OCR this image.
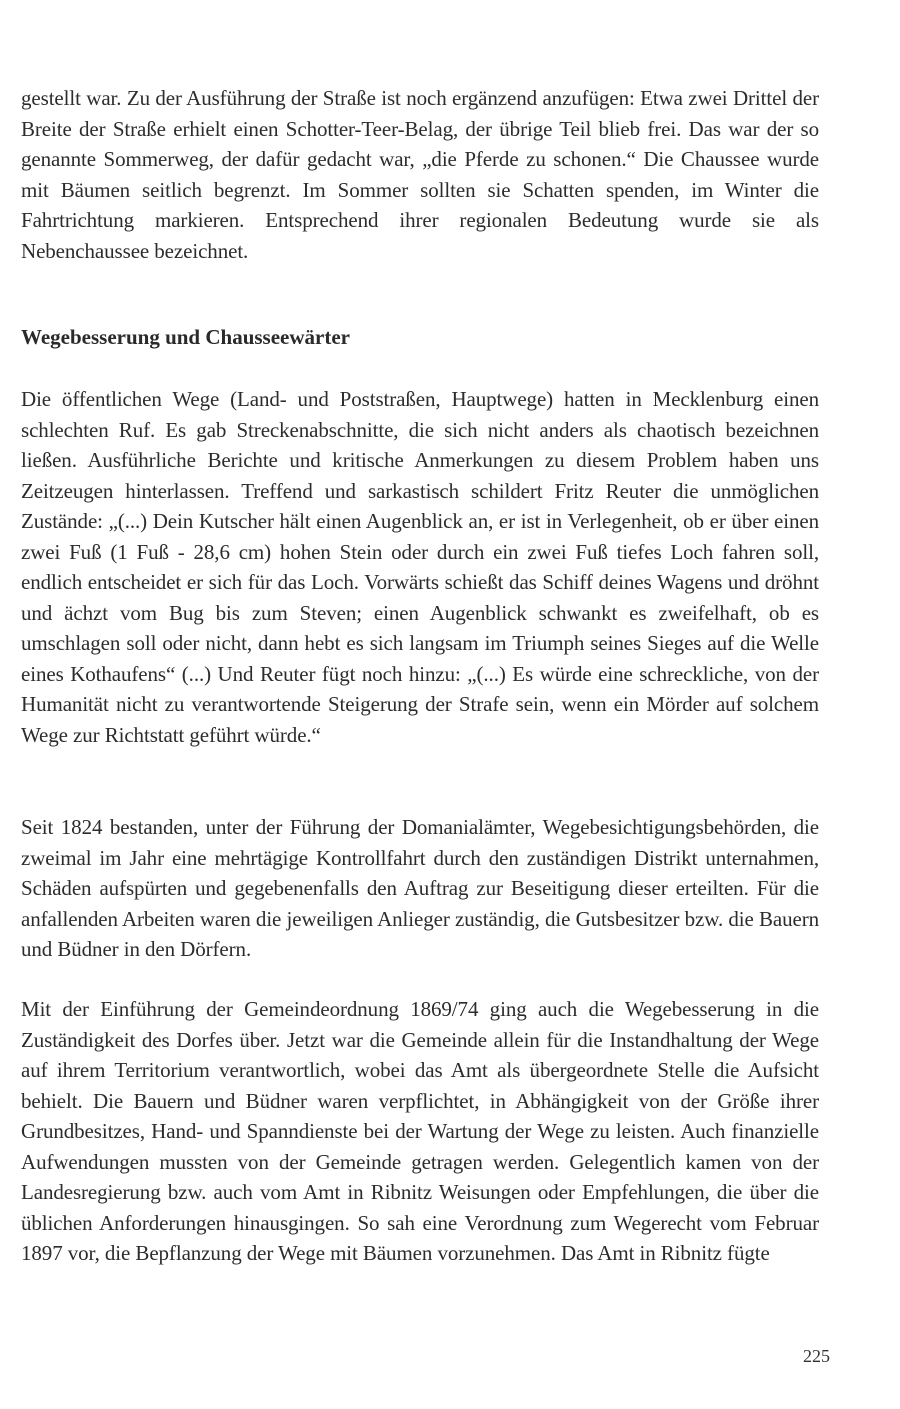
gestellt war. Zu der Ausführung der Straße ist noch ergänzend anzufügen: Etwa zwei Drittel der Breite der Straße erhielt einen Schotter-Teer-Belag, der übrige Teil blieb frei. Das war der so genannte Sommerweg, der dafür gedacht war, „die Pferde zu schonen.“ Die Chaussee wurde mit Bäumen seitlich begrenzt. Im Sommer sollten sie Schatten spenden, im Winter die Fahrtrichtung markieren. Entsprechend ihrer regionalen Bedeutung wurde sie als Nebenchaussee bezeichnet.

Wegebesserung und Chausseewärter

Die öffentlichen Wege (Land- und Poststraßen, Hauptwege) hatten in Mecklenburg einen schlechten Ruf. Es gab Streckenabschnitte, die sich nicht anders als chaotisch bezeichnen ließen. Ausführliche Berichte und kritische Anmerkungen zu diesem Problem haben uns Zeitzeugen hinterlassen. Treffend und sarkastisch schildert Fritz Reuter die unmöglichen Zustände: „(...) Dein Kutscher hält einen Augenblick an, er ist in Verlegenheit, ob er über einen zwei Fuß (1 Fuß - 28,6 cm) hohen Stein oder durch ein zwei Fuß tiefes Loch fahren soll, endlich entscheidet er sich für das Loch. Vorwärts schießt das Schiff deines Wagens und dröhnt und ächzt vom Bug bis zum Steven; einen Augenblick schwankt es zweifelhaft, ob es umschlagen soll oder nicht, dann hebt es sich langsam im Triumph seines Sieges auf die Welle eines Kothaufens“ (...) Und Reuter fügt noch hinzu: „(...) Es würde eine schreckliche, von der Humanität nicht zu verantwortende Steigerung der Strafe sein, wenn ein Mörder auf solchem Wege zur Richtstatt geführt würde.“

Seit 1824 bestanden, unter der Führung der Domanialämter, Wegebesichtigungsbehörden, die zweimal im Jahr eine mehrtägige Kontrollfahrt durch den zuständigen Distrikt unternahmen, Schäden aufspürten und gegebenenfalls den Auftrag zur Beseitigung dieser erteilten. Für die anfallenden Arbeiten waren die jeweiligen Anlieger zuständig, die Gutsbesitzer bzw. die Bauern und Büdner in den Dörfern.

Mit der Einführung der Gemeindeordnung 1869/74 ging auch die Wegebesserung in die Zuständigkeit des Dorfes über. Jetzt war die Gemeinde allein für die Instandhaltung der Wege auf ihrem Territorium verantwortlich, wobei das Amt als übergeordnete Stelle die Aufsicht behielt. Die Bauern und Büdner waren verpflichtet, in Abhängigkeit von der Größe ihrer Grundbesitzes, Hand- und Spanndienste bei der Wartung der Wege zu leisten. Auch finanzielle Aufwendungen mussten von der Gemeinde getragen werden. Gelegentlich kamen von der Landesregierung bzw. auch vom Amt in Ribnitz Weisungen oder Empfehlungen, die über die üblichen Anforderungen hinausgingen. So sah eine Verordnung zum Wegerecht vom Februar 1897 vor, die Bepflanzung der Wege mit Bäumen vorzunehmen. Das Amt in Ribnitz fügte

225
